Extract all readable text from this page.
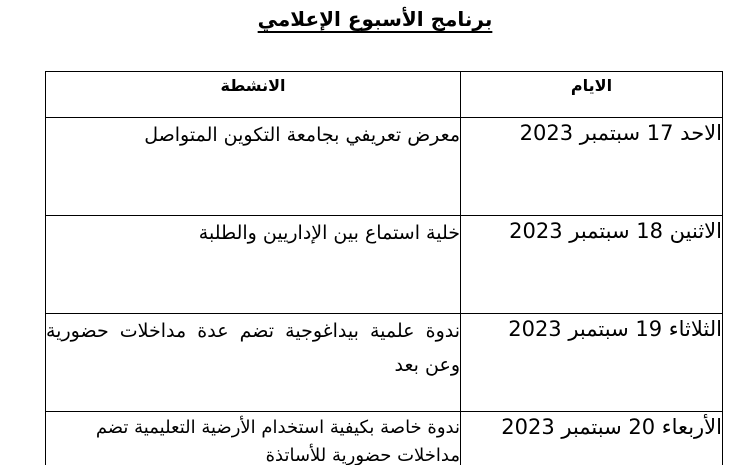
برنامج الأسبوع الإعلامي
الايام	الانشطة
الاحد 17 سبتمبر 2023	معرض تعريفي بجامعة التكوين المتواصل
الاثنين 18 سبتمبر 2023	خلية استماع بين الإداريين والطلبة
الثلاثاء 19 سبتمبر 2023	ندوة علمية بيداغوجية تضم عدة مداخلات حضورية وعن بعد
الأربعاء 20 سبتمبر 2023	ندوة خاصة بكيفية استخدام الأرضية التعليمية تضم مداخلات حضورية للأساتذة
